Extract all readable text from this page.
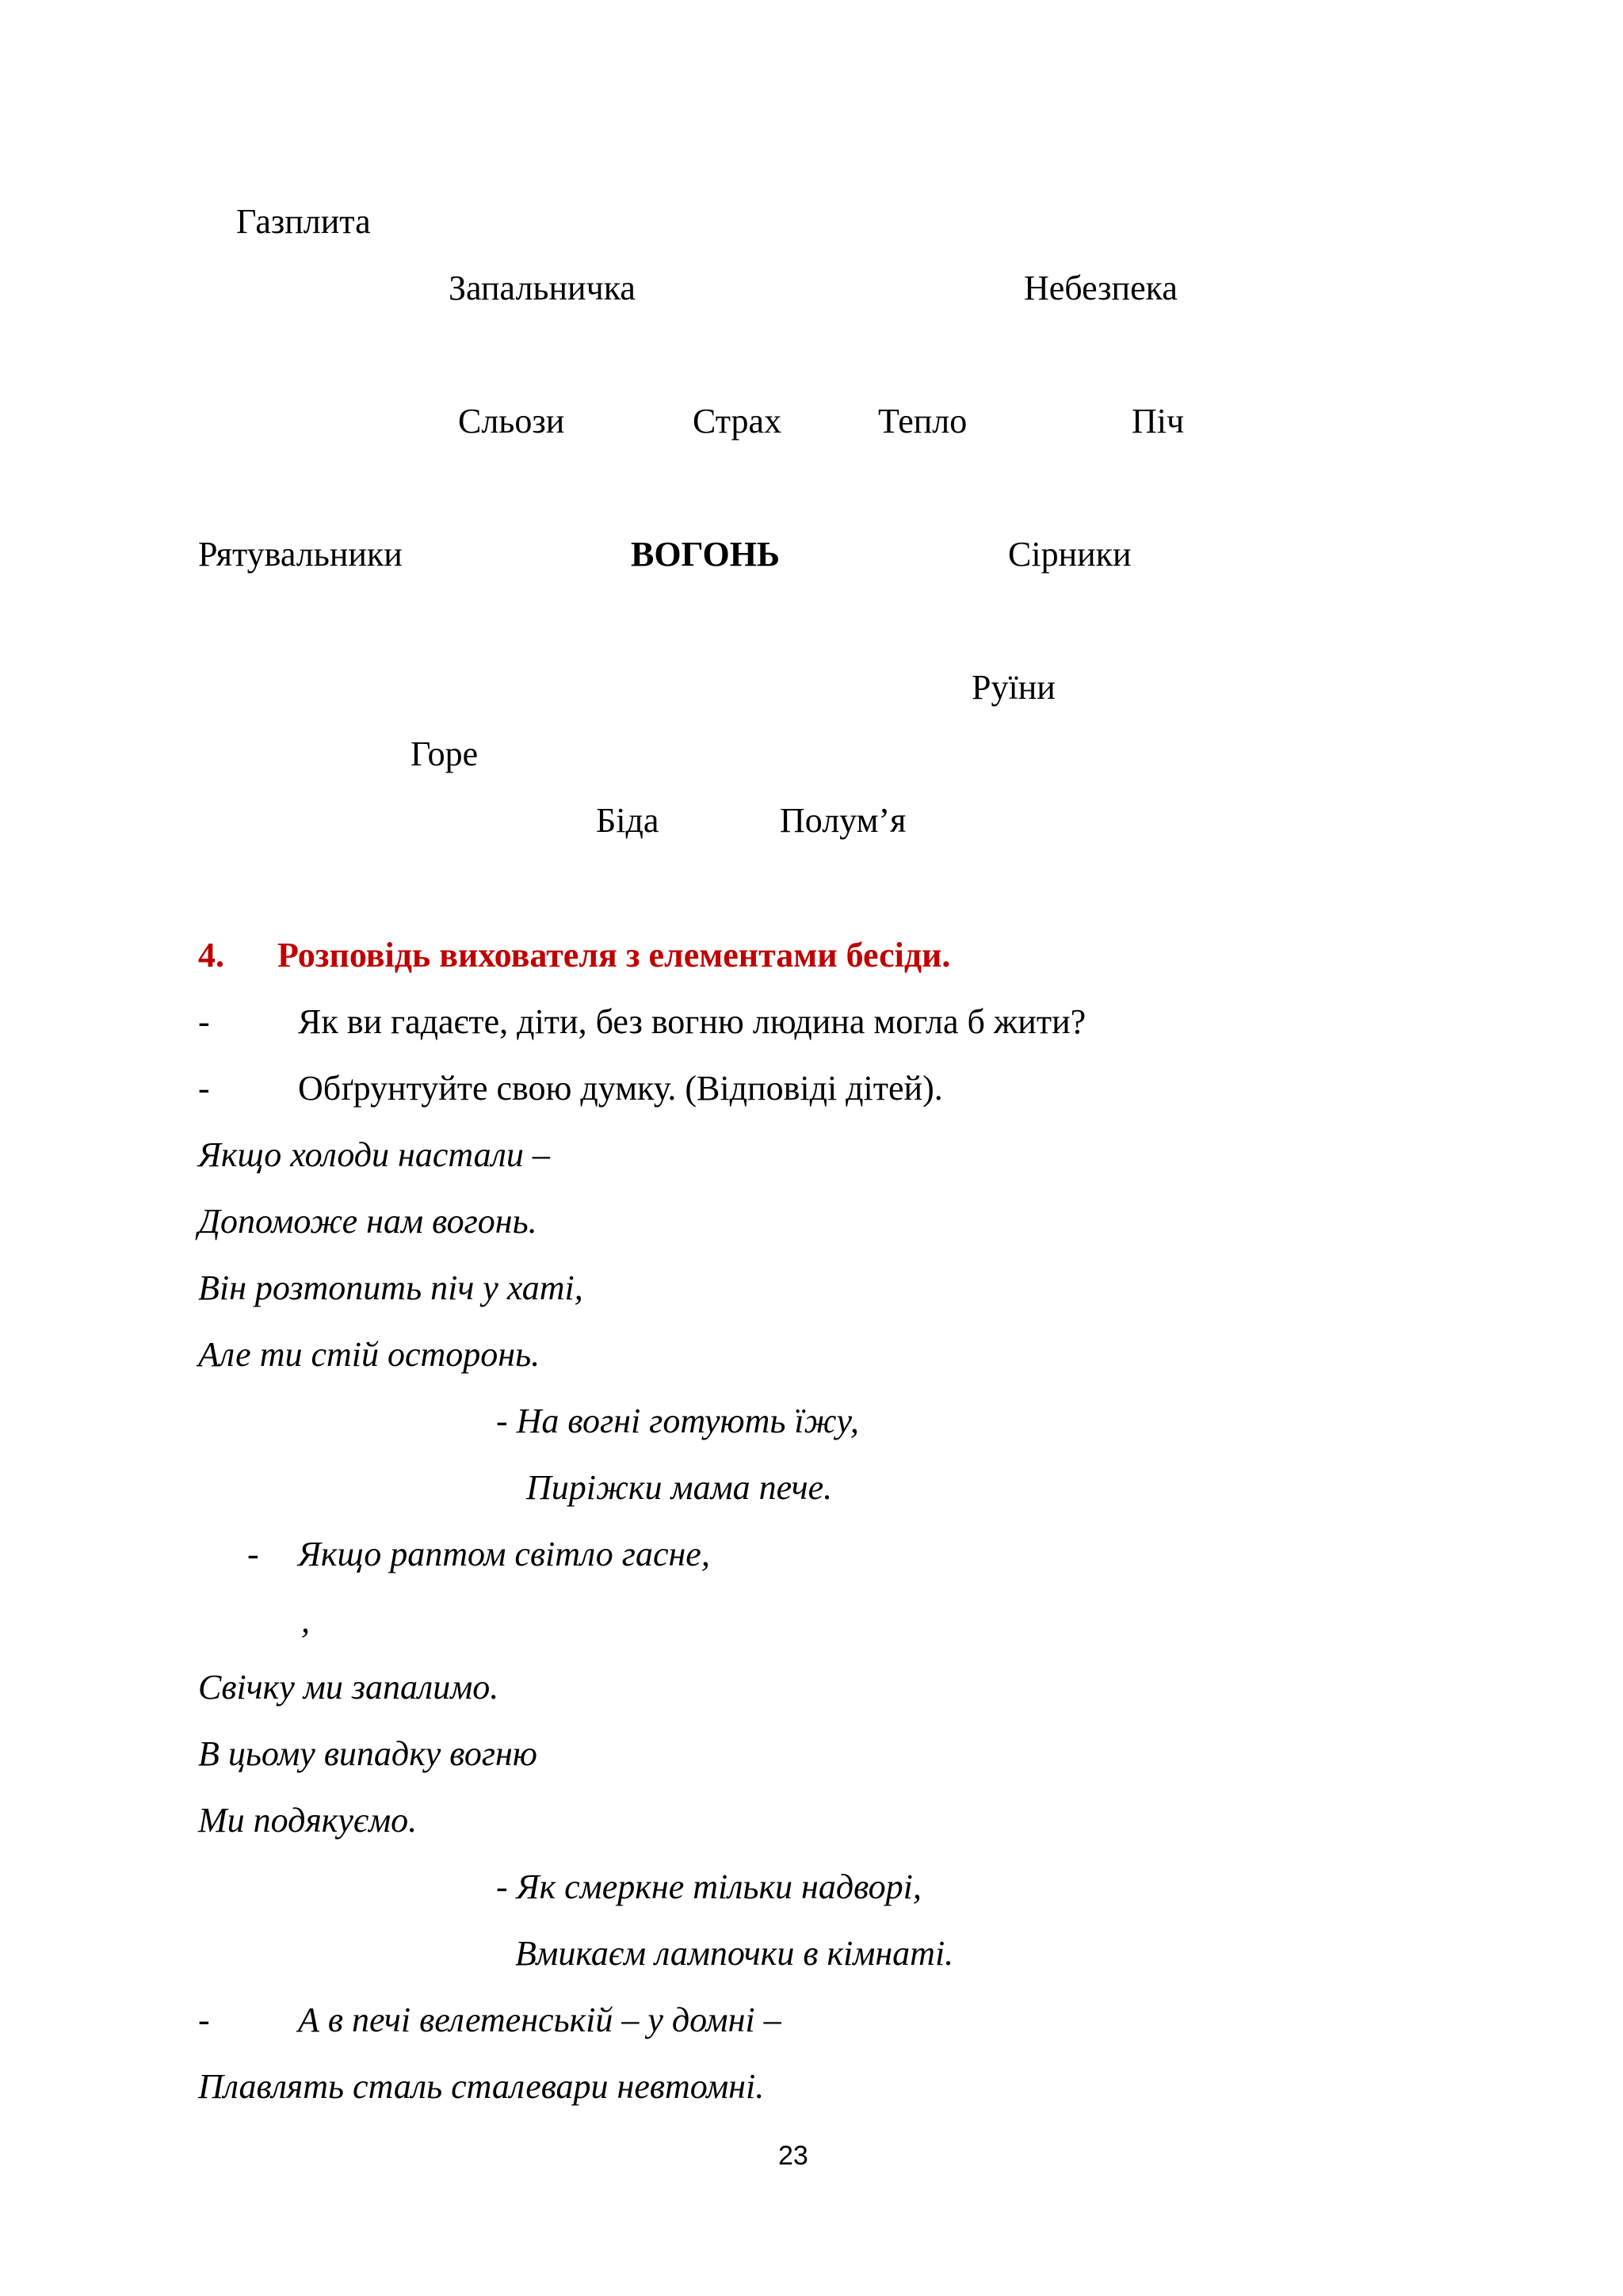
Газплита
Запальничка	Небезпека
Сльози	Страх	Тепло	Піч
Рятувальники	ВОГОНЬ	Сірники
Руїни
Горе
Біда	Полум’я
4. Розповідь вихователя з елементами бесіди.
-	Як ви гадаєте, діти, без вогню людина могла б жити?
-	Обґрунтуйте свою думку. (Відповіді дітей).
Якщо холоди настали –
Допоможе нам вогонь.
Він розтопить піч у хаті,
Але ти стій осторонь.
- На вогні готують їжу,
Пиріжки мама пече.
- Якщо раптом світло гасне,
,
Свічку ми запалимо.
В цьому випадку вогню
Ми подякуємо.
- Як смеркне тільки надворі,
Вмикаєм лампочки в кімнаті.
-	А в печі велетенській – у домні –
Плавлять сталь сталевари невтомні.
23
